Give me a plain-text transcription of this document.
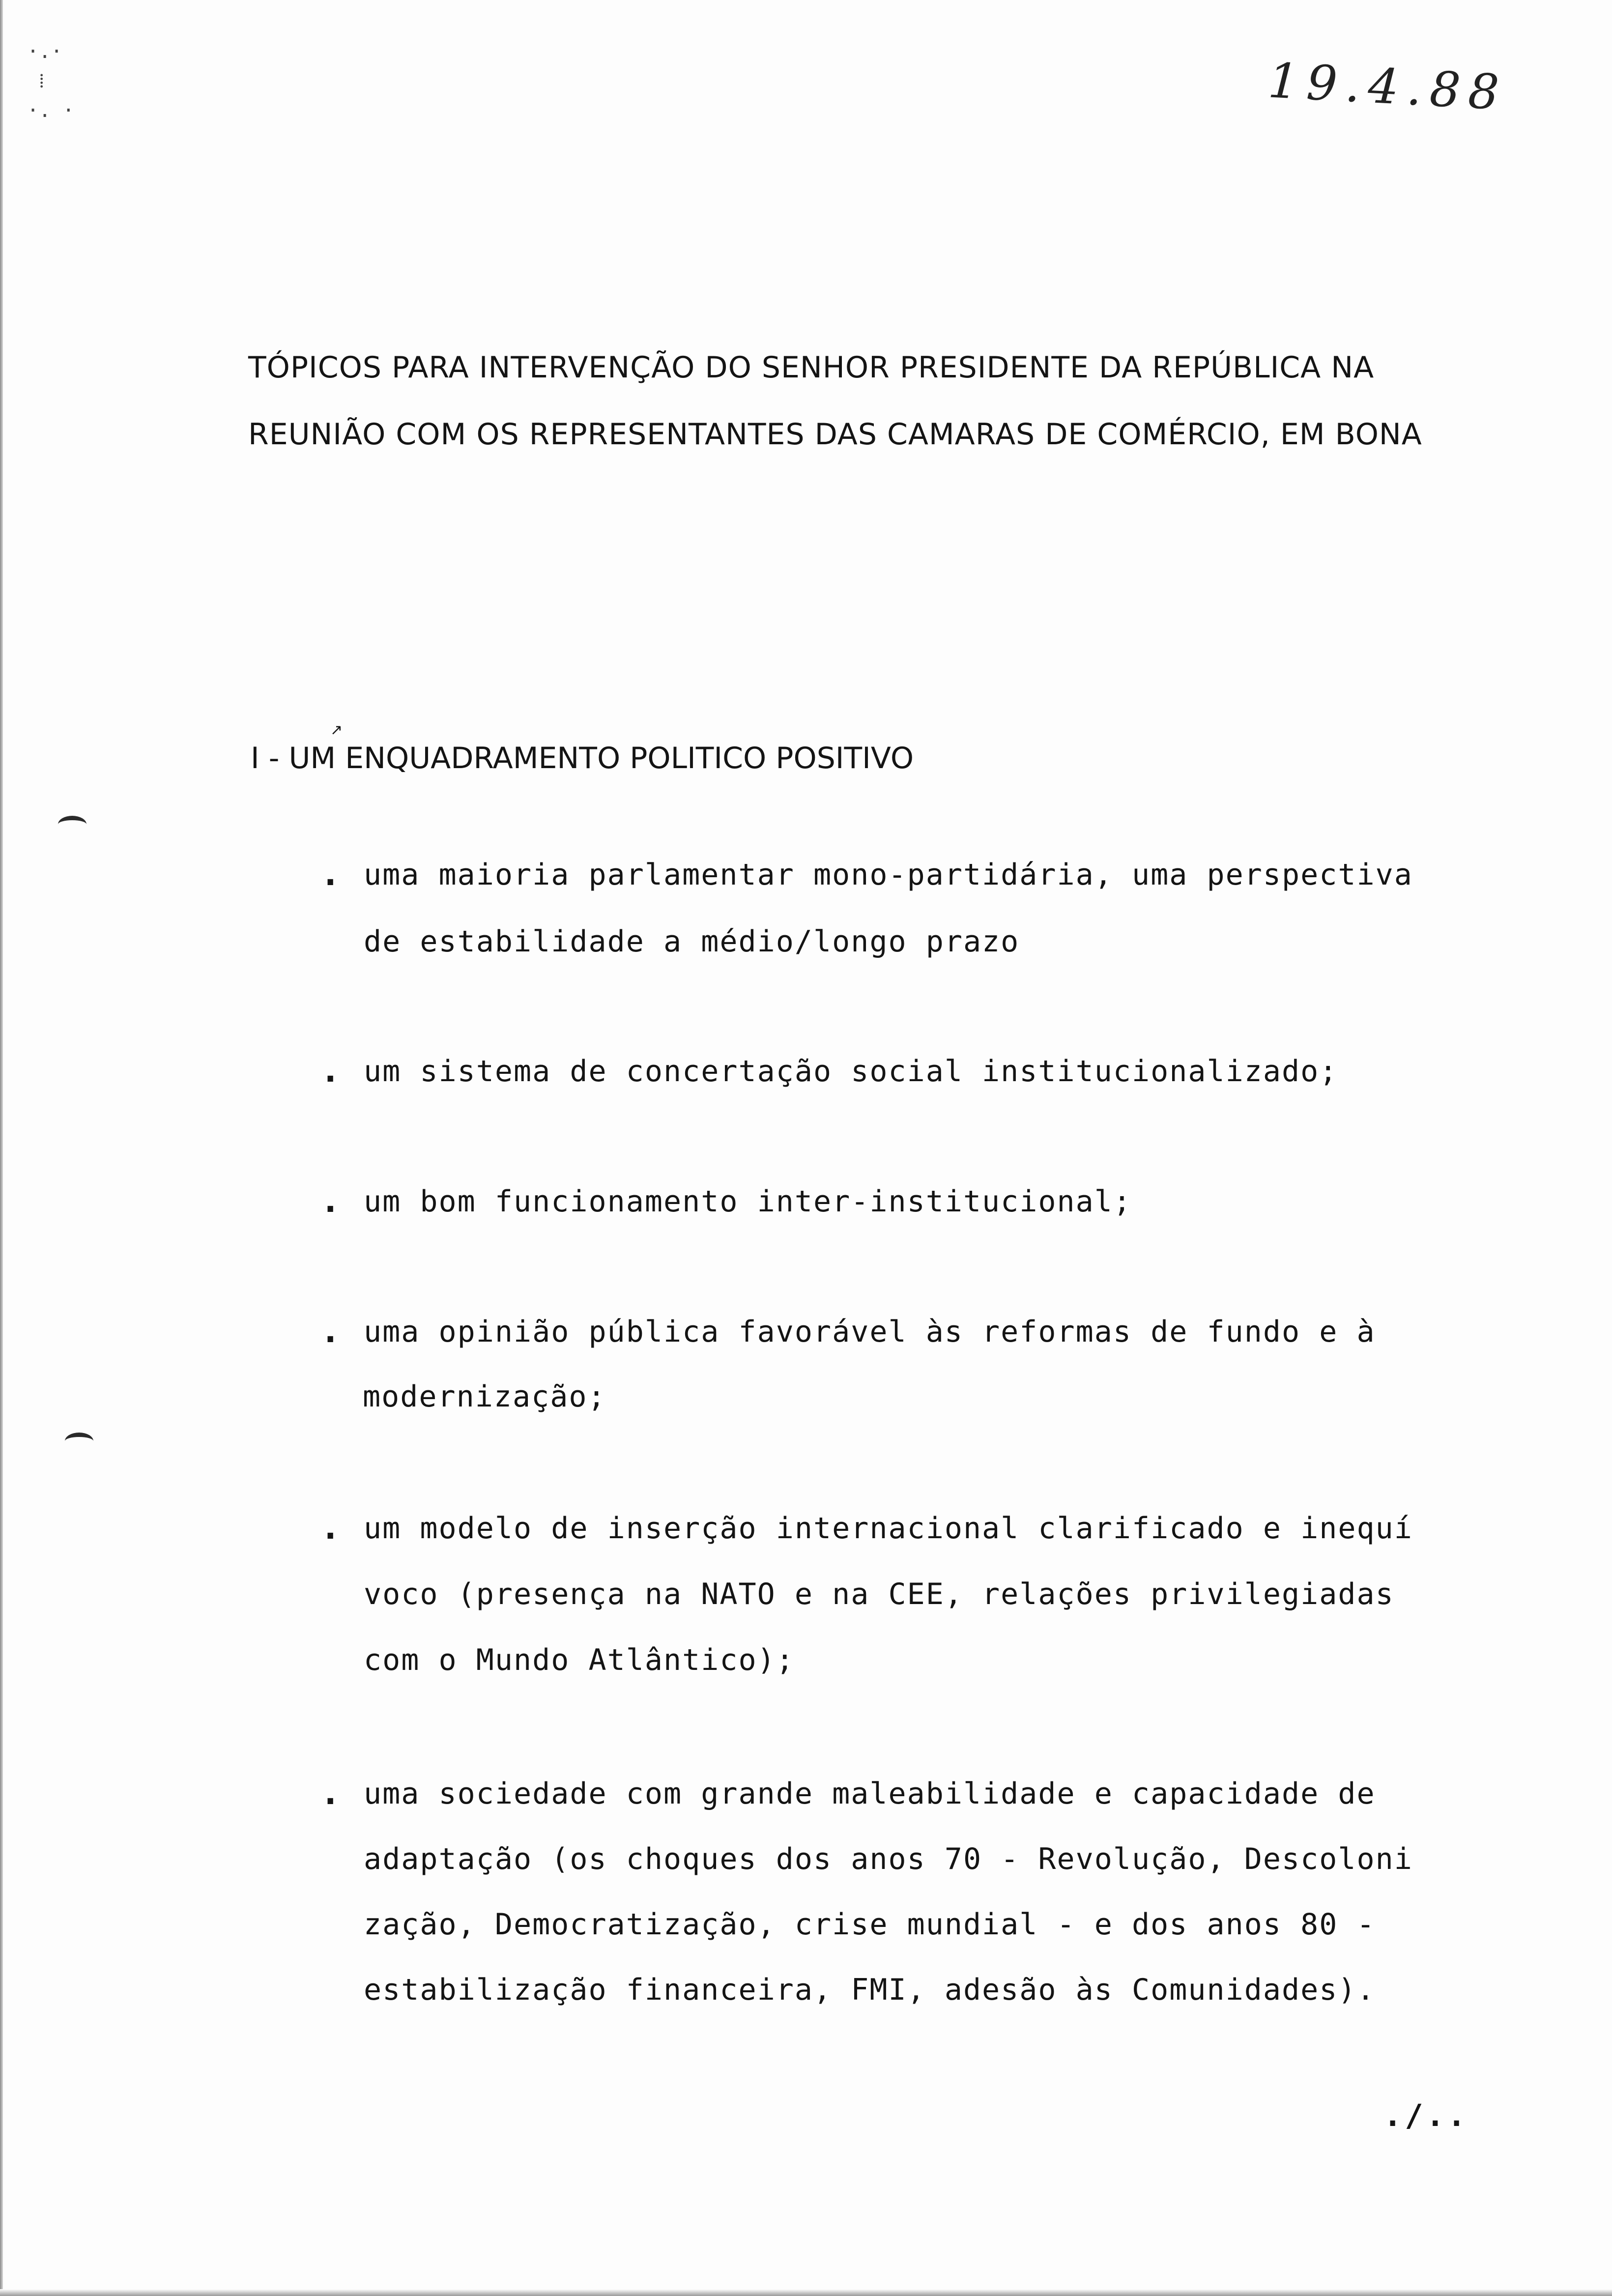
·.·
⁞
·. ·	19.4.88
TÓPICOS PARA INTERVENÇÃO DO SENHOR PRESIDENTE DA REPÚBLICA NA
REUNIÃO COM OS REPRESENTANTES DAS CAMARAS DE COMÉRCIO, EM BONA
↗
I - UM ENQUADRAMENTO POLITICO POSITIVO
. uma maioria parlamentar mono-partidária, uma perspectiva
de estabilidade a médio/longo prazo
. um sistema de concertação social institucionalizado;
. um bom funcionamento inter-institucional;
. uma opinião pública favorável às reformas de fundo e à
modernização;
. um modelo de inserção internacional clarificado e inequí
voco (presença na NATO e na CEE, relações privilegiadas
com o Mundo Atlântico);
. uma sociedade com grande maleabilidade e capacidade de
adaptação (os choques dos anos 70 - Revolução, Descoloni
zação, Democratização, crise mundial - e dos anos 80 -
estabilização financeira, FMI, adesão às Comunidades).
./..
